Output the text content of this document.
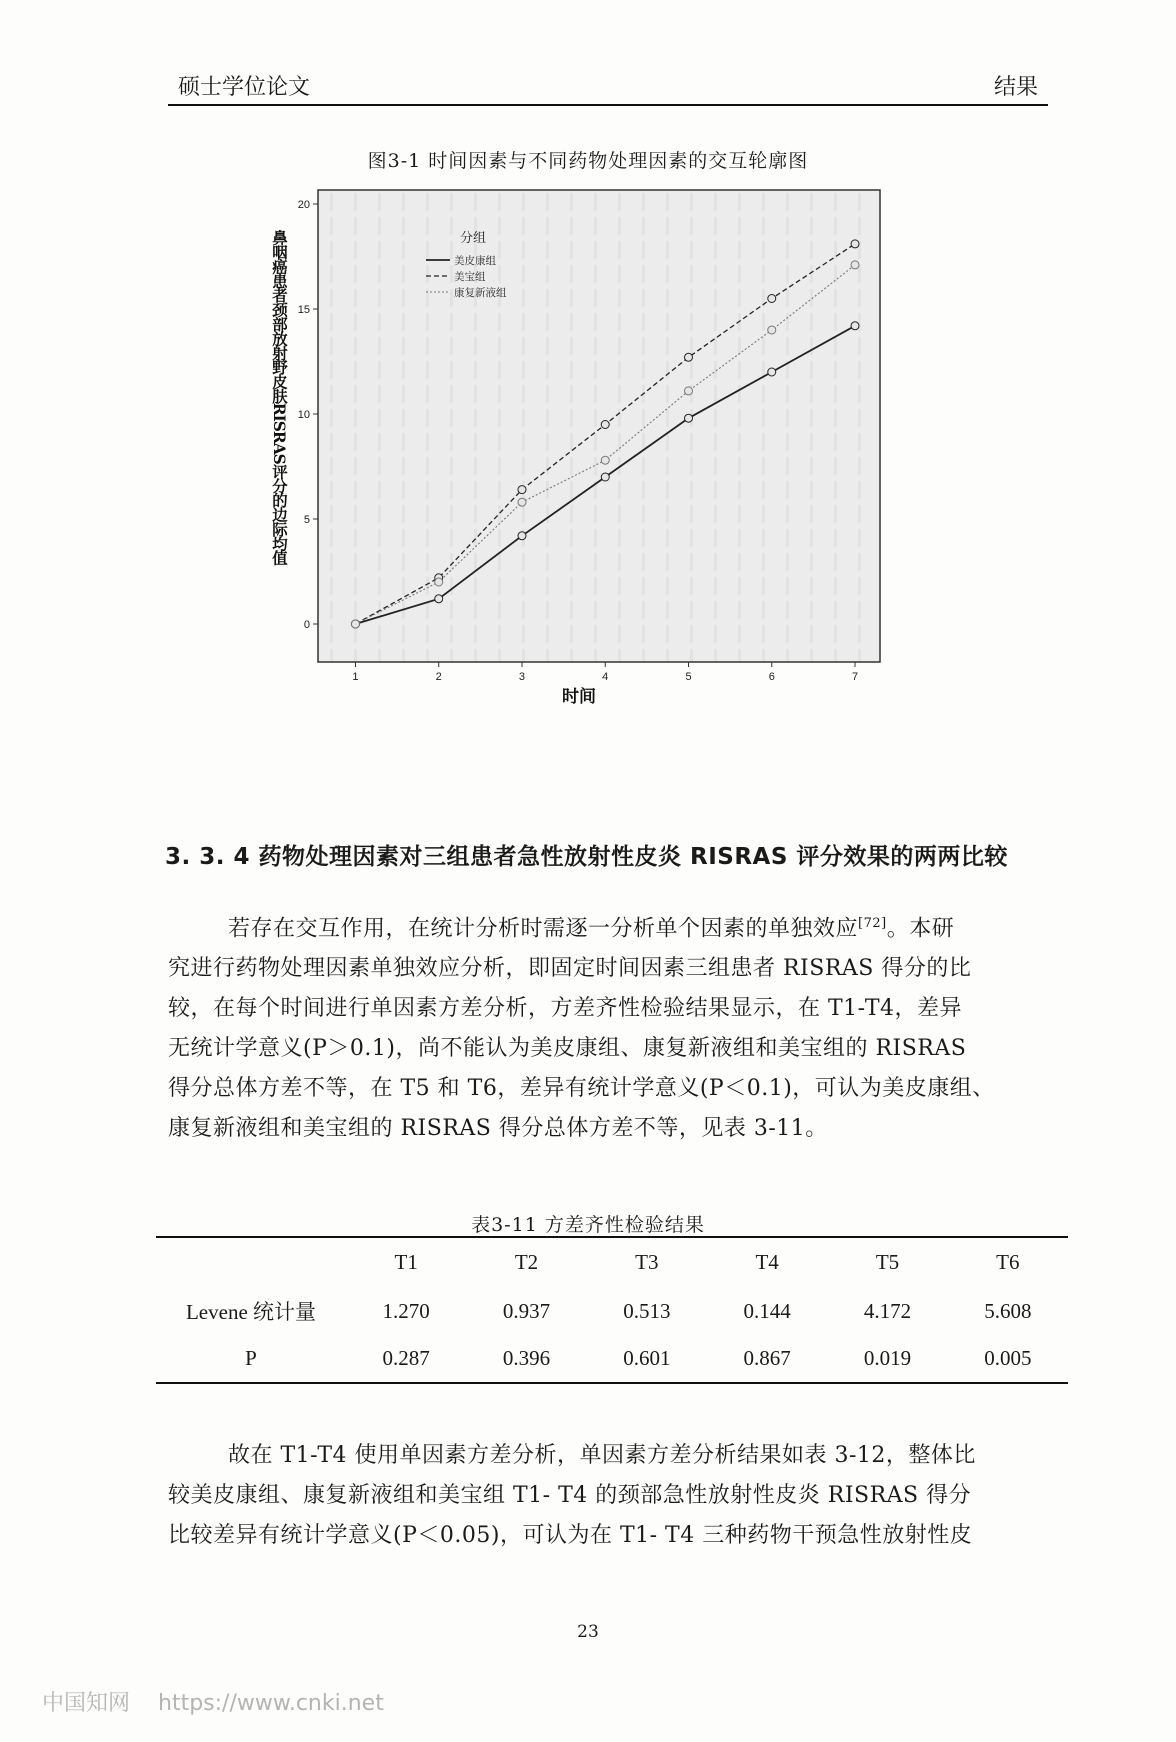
硕士学位论文	结果
图3-1 时间因素与不同药物处理因素的交互轮廓图
0
5
10
15
20
1	2	3	4	5	6	7
时间
鼻咽癌患者颈部放射野皮肤RISRAS评分的边际均值	分组
美皮康组
美宝组
康复新液组
3. 3. 4 药物处理因素对三组患者急性放射性皮炎 RISRAS 评分效果的两两比较
若存在交互作用，在统计分析时需逐一分析单个因素的单独效应[72]。本研
究进行药物处理因素单独效应分析，即固定时间因素三组患者 RISRAS 得分的比
较，在每个时间进行单因素方差分析，方差齐性检验结果显示，在 T1-T4，差异
无统计学意义(P＞0.1)，尚不能认为美皮康组、康复新液组和美宝组的 RISRAS
得分总体方差不等，在 T5 和 T6，差异有统计学意义(P＜0.1)，可认为美皮康组、
康复新液组和美宝组的 RISRAS 得分总体方差不等，见表 3-11。
表3-11 方差齐性检验结果
	T1	T2	T3	T4	T5	T6
Levene 统计量	1.270	0.937	0.513	0.144	4.172	5.608
P	0.287	0.396	0.601	0.867	0.019	0.005
故在 T1-T4 使用单因素方差分析，单因素方差分析结果如表 3-12，整体比
较美皮康组、康复新液组和美宝组 T1- T4 的颈部急性放射性皮炎 RISRAS 得分
比较差异有统计学意义(P＜0.05)，可认为在 T1- T4 三种药物干预急性放射性皮
23
中国知网 https://www.cnki.net
